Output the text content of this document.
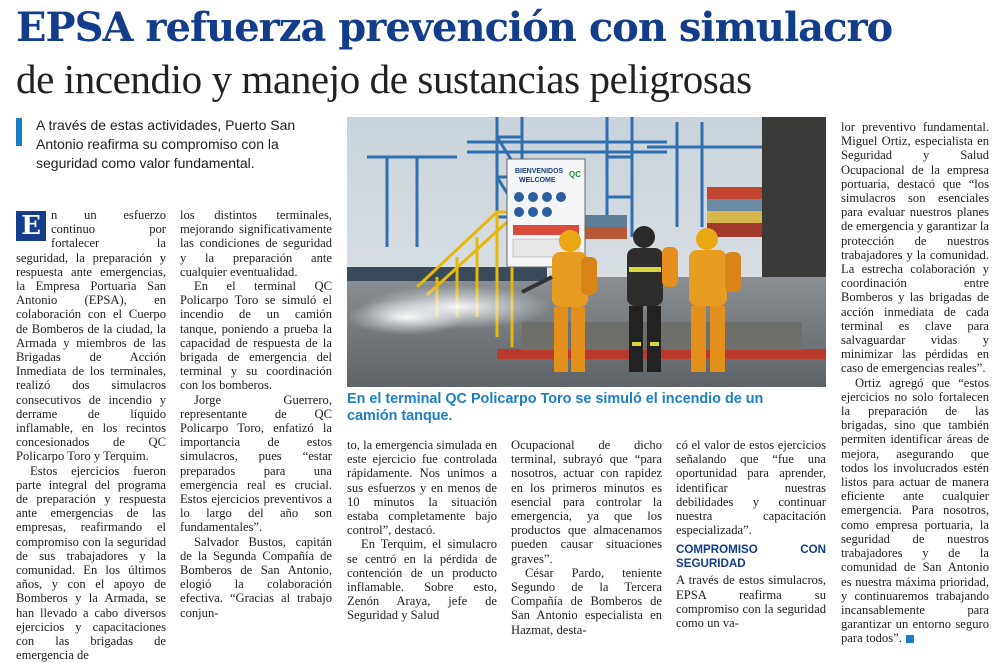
EPSA refuerza prevención con simulacro
de incendio y manejo de sustancias peligrosas
A través de estas actividades, Puerto San Antonio reafirma su compromiso con la seguridad como valor fundamental.

E n un esfuerzo continuo por fortalecer la seguridad, la preparación y respuesta ante emergencias, la Empresa Portuaria San Antonio (EPSA), en colaboración con el Cuerpo de Bomberos de la ciudad, la Armada y miembros de las Brigadas de Acción Inmediata de los terminales, realizó dos simulacros consecutivos de incendio y derrame de líquido inflamable, en los recintos concesionados de QC Policarpo Toro y Terquim.

Estos ejercicios fueron parte integral del programa de preparación y respuesta ante emergencias de las empresas, reafirmando el compromiso con la seguridad de sus trabajadores y la comunidad. En los últimos años, y con el apoyo de Bomberos y la Armada, se han llevado a cabo diversos ejercicios y capacitaciones con las brigadas de emergencia de

los distintos terminales, mejorando significativamente las condiciones de seguridad y la preparación ante cualquier eventualidad.

En el terminal QC Policarpo Toro se simuló el incendio de un camión tanque, poniendo a prueba la capacidad de respuesta de la brigada de emergencia del terminal y su coordinación con los bomberos.

Jorge Guerrero, representante de QC Policarpo Toro, enfatizó la importancia de estos simulacros, pues “estar preparados para una emergencia real es crucial. Estos ejercicios preventivos a lo largo del año son fundamentales”.

Salvador Bustos, capitán de la Segunda Compañía de Bomberos de San Antonio, elogió la colaboración efectiva. “Gracias al trabajo conjun-

BIENVENIDOS
WELCOME
QC
En el terminal QC Policarpo Toro se simuló el incendio de un camión tanque.

to, la emergencia simulada en este ejercicio fue controlada rápidamente. Nos unimos a sus esfuerzos y en menos de 10 minutos la situación estaba completamente bajo control”, destacó.

En Terquim, el simulacro se centró en la pérdida de contención de un producto inflamable. Sobre esto, Zenón Araya, jefe de Seguridad y Salud

Ocupacional de dicho terminal, subrayó que “para nosotros, actuar con rapidez en los primeros minutos es esencial para controlar la emergencia, ya que los productos que almacenamos pueden causar situaciones graves”.

César Pardo, teniente Segundo de la Tercera Compañía de Bomberos de San Antonio especialista en Hazmat, desta-

có el valor de estos ejercicios señalando que “fue una oportunidad para aprender, identificar nuestras debilidades y continuar nuestra capacitación especializada”.

COMPROMISO CON SEGURIDAD

A través de estos simulacros, EPSA reafirma su compromiso con la seguridad como un va-

lor preventivo fundamental. Miguel Ortiz, especialista en Seguridad y Salud Ocupacional de la empresa portuaria, destacó que “los simulacros son esenciales para evaluar nuestros planes de emergencia y garantizar la protección de nuestros trabajadores y la comunidad. La estrecha colaboración y coordinación entre Bomberos y las brigadas de acción inmediata de cada terminal es clave para salvaguardar vidas y minimizar las pérdidas en caso de emergencias reales”.

Ortiz agregó que “estos ejercicios no solo fortalecen la preparación de las brigadas, sino que también permiten identificar áreas de mejora, asegurando que todos los involucrados estén listos para actuar de manera eficiente ante cualquier emergencia. Para nosotros, como empresa portuaria, la seguridad de nuestros trabajadores y de la comunidad de San Antonio es nuestra máxima prioridad, y continuaremos trabajando incansablemente para garantizar un entorno seguro para todos”.
